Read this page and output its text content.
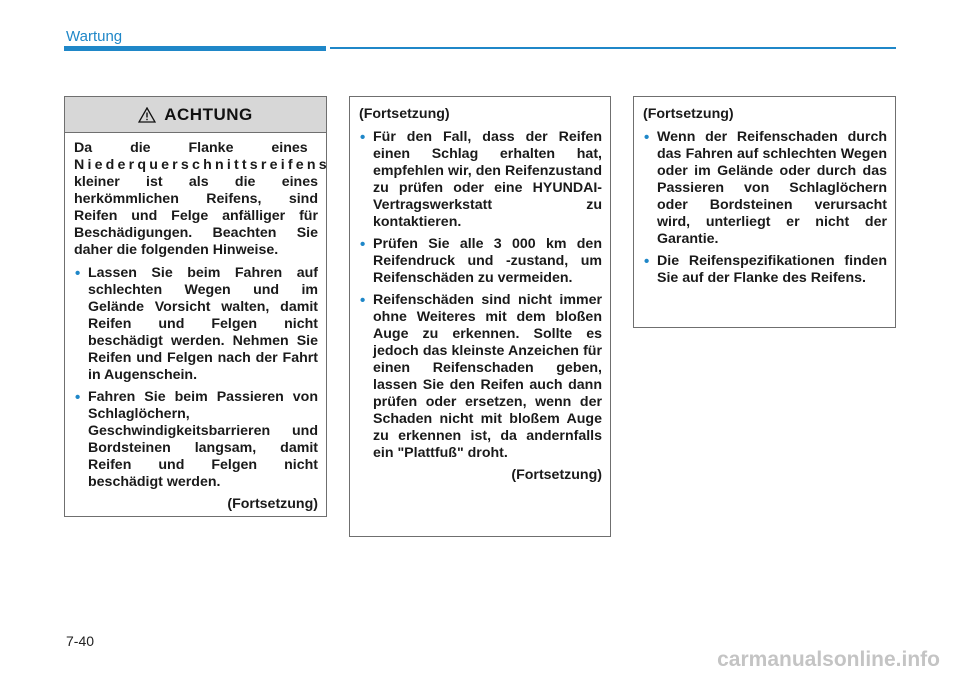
Wartung
ACHTUNG

Da die Flanke eines

Niederquerschnittsreifens

kleiner ist als die eines herkömmlichen Reifens, sind Reifen und Felge anfälliger für Beschädigungen. Beachten Sie daher die folgenden Hinweise.

• Lassen Sie beim Fahren auf schlechten Wegen und im Gelände Vorsicht walten, damit Reifen und Felgen nicht beschädigt werden. Nehmen Sie Reifen und Felgen nach der Fahrt in Augenschein.
• Fahren Sie beim Passieren von Schlaglöchern, Geschwindigkeitsbarrieren und Bordsteinen langsam, damit Reifen und Felgen nicht beschädigt werden.
(Fortsetzung)
(Fortsetzung)
• Für den Fall, dass der Reifen einen Schlag erhalten hat, empfehlen wir, den Reifenzustand zu prüfen oder eine HYUNDAI-Vertragswerkstatt zu kontaktieren.
• Prüfen Sie alle 3 000 km den Reifendruck und -zustand, um Reifenschäden zu vermeiden.
• Reifenschäden sind nicht immer ohne Weiteres mit dem bloßen Auge zu erkennen. Sollte es jedoch das kleinste Anzeichen für einen Reifenschaden geben, lassen Sie den Reifen auch dann prüfen oder ersetzen, wenn der Schaden nicht mit bloßem Auge zu erkennen ist, da andernfalls ein "Plattfuß" droht.
(Fortsetzung)
(Fortsetzung)
• Wenn der Reifenschaden durch das Fahren auf schlechten Wegen oder im Gelände oder durch das Passieren von Schlaglöchern oder Bordsteinen verursacht wird, unterliegt er nicht der Garantie.
• Die Reifenspezifikationen finden Sie auf der Flanke des Reifens.
7-40
carmanualsonline.info
